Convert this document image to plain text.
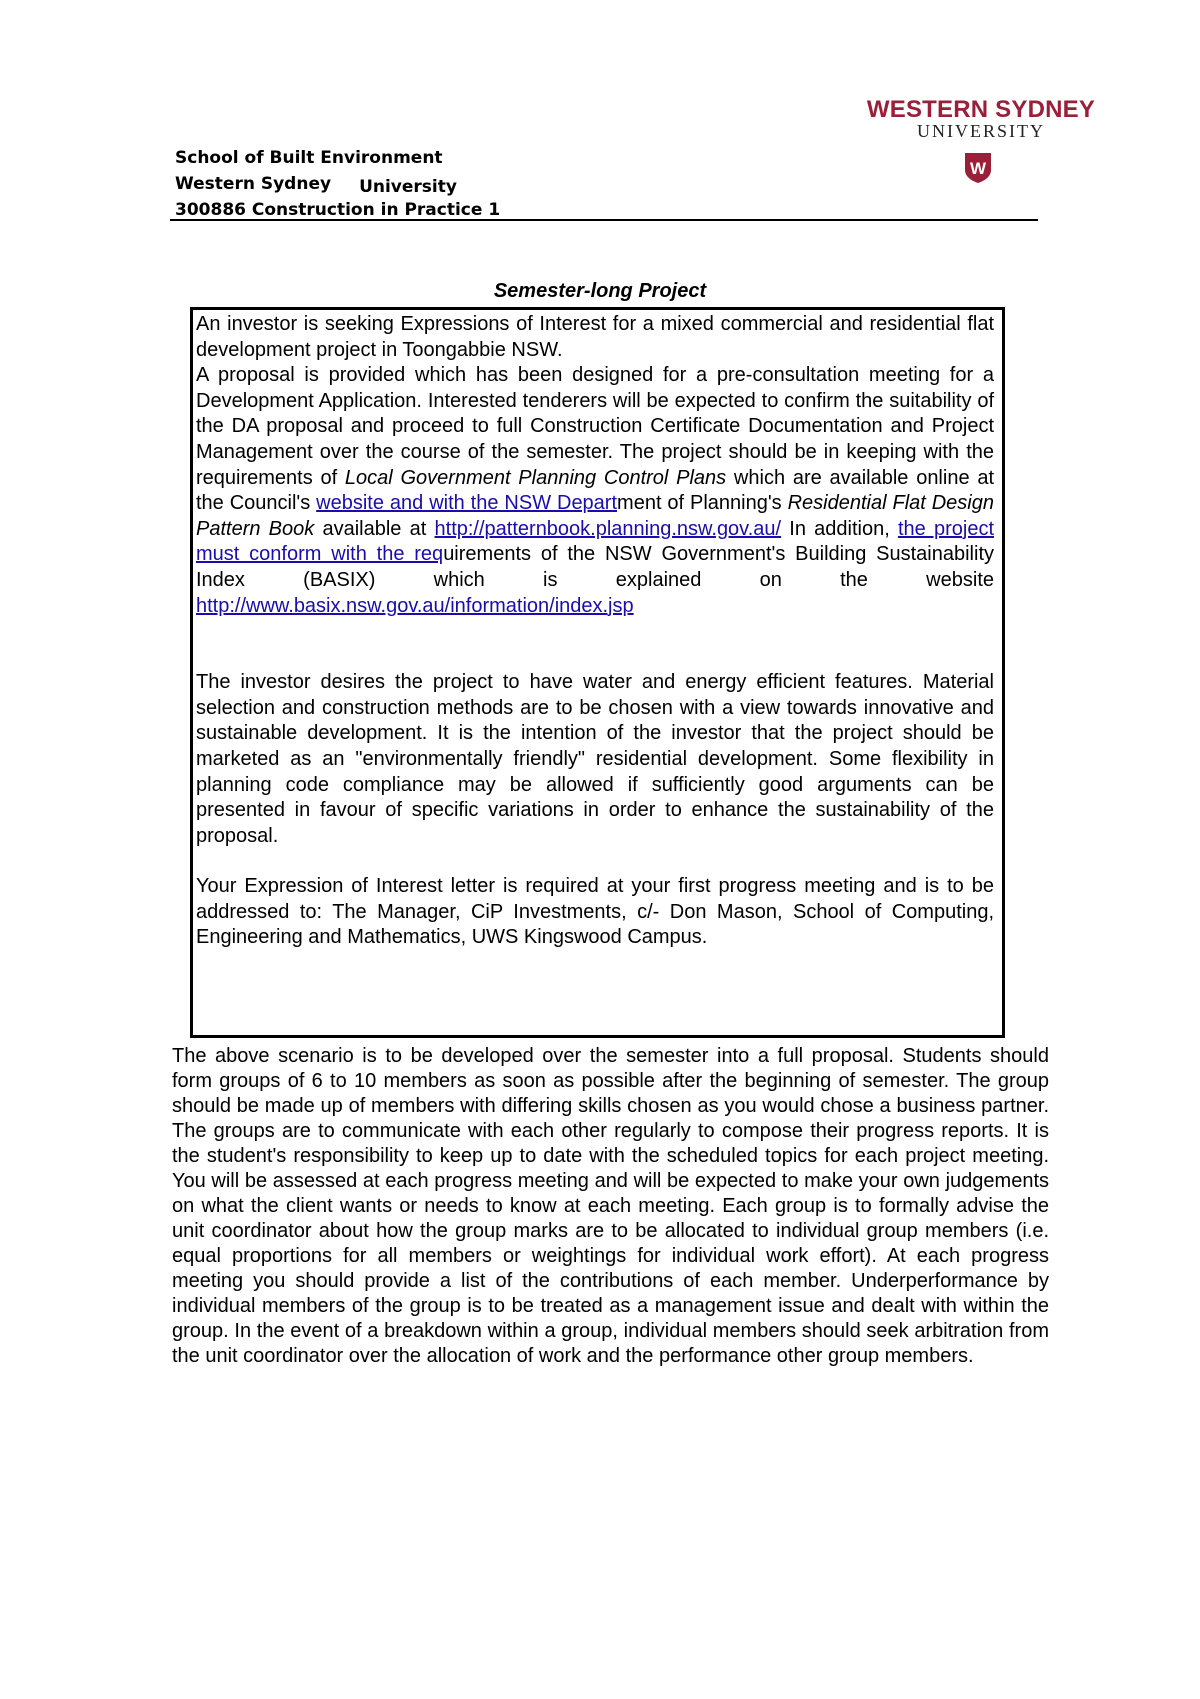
School of Built Environment
Western Sydney University
300886 Construction in Practice 1
WESTERN SYDNEY
UNIVERSITY
W
Semester-long Project

An investor is seeking Expressions of Interest for a mixed commercial and residential flat development project in Toongabbie NSW.

A proposal is provided which has been designed for a pre-consultation meeting for a Development Application. Interested tenderers will be expected to confirm the suitability of the DA proposal and proceed to full Construction Certificate Documentation and Project Management over the course of the semester. The project should be in keeping with the requirements of Local Government Planning Control Plans which are available online at the Council's website and with the NSW Department of Planning's Residential Flat Design Pattern Book available at http://patternbook.planning.nsw.gov.au/ In addition, the project must conform with the requirements of the NSW Government's Building Sustainability Index (BASIX) which is explained on the website http://www.basix.nsw.gov.au/information/index.jsp

The investor desires the project to have water and energy efficient features. Material selection and construction methods are to be chosen with a view towards innovative and sustainable development. It is the intention of the investor that the project should be marketed as an "environmentally friendly" residential development. Some flexibility in planning code compliance may be allowed if sufficiently good arguments can be presented in favour of specific variations in order to enhance the sustainability of the proposal.

Your Expression of Interest letter is required at your first progress meeting and is to be addressed to: The Manager, CiP Investments, c/- Don Mason, School of Computing, Engineering and Mathematics, UWS Kingswood Campus.

The above scenario is to be developed over the semester into a full proposal. Students should form groups of 6 to 10 members as soon as possible after the beginning of semester. The group should be made up of members with differing skills chosen as you would chose a business partner. The groups are to communicate with each other regularly to compose their progress reports. It is the student's responsibility to keep up to date with the scheduled topics for each project meeting. You will be assessed at each progress meeting and will be expected to make your own judgements on what the client wants or needs to know at each meeting. Each group is to formally advise the unit coordinator about how the group marks are to be allocated to individual group members (i.e. equal proportions for all members or weightings for individual work effort). At each progress meeting you should provide a list of the contributions of each member. Underperformance by individual members of the group is to be treated as a management issue and dealt with within the group. In the event of a breakdown within a group, individual members should seek arbitration from the unit coordinator over the allocation of work and the performance other group members.
